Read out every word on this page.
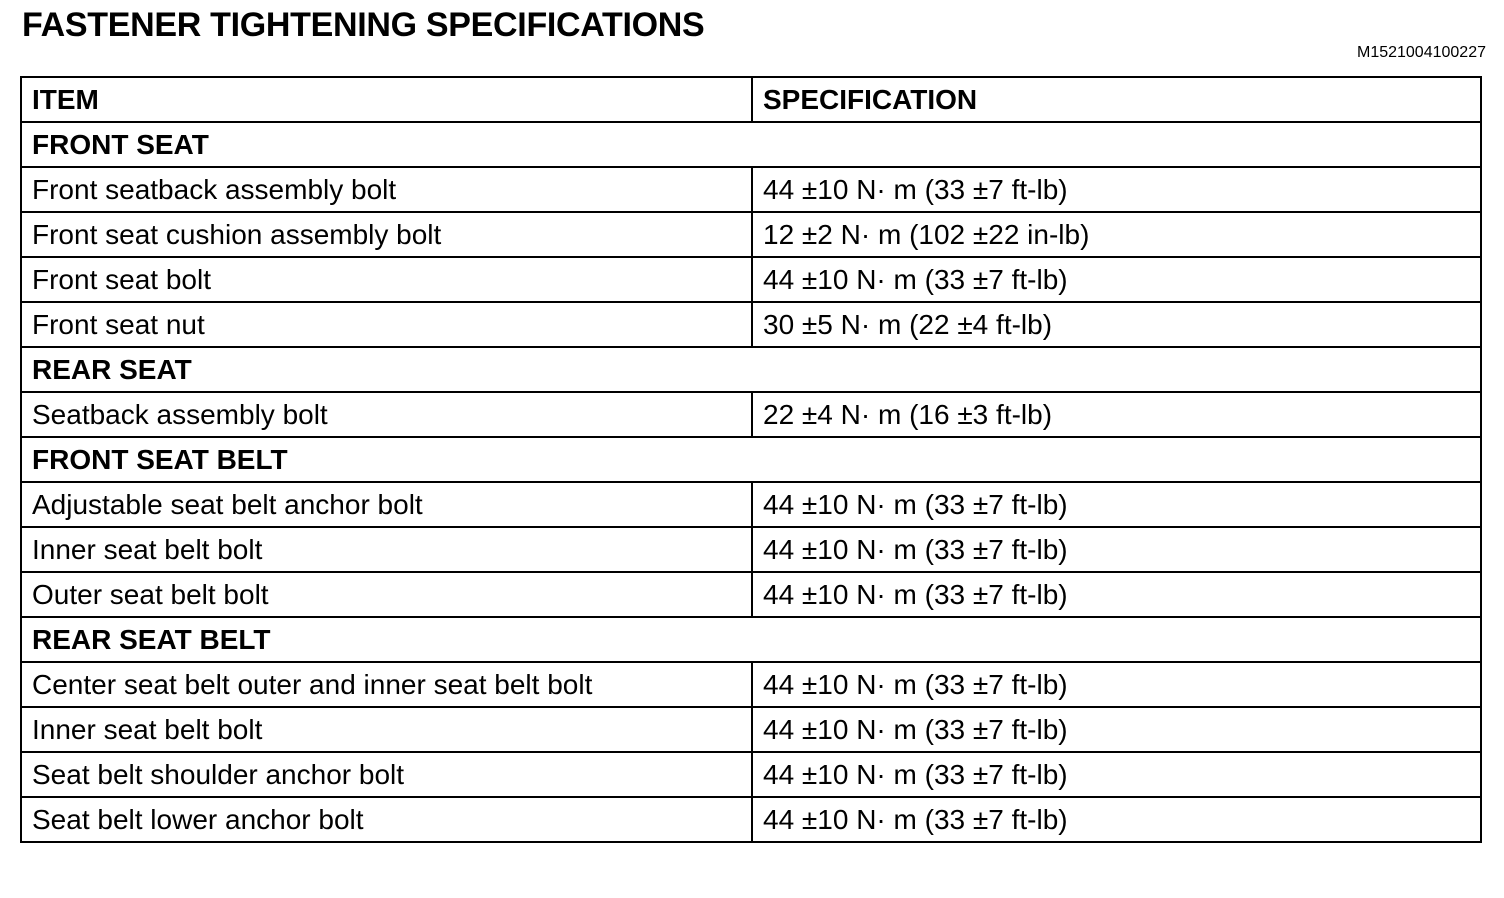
FASTENER TIGHTENING SPECIFICATIONS
M1521004100227
ITEM	SPECIFICATION
FRONT SEAT	
Front seatback assembly bolt	44 ±10 N· m (33 ±7 ft-lb)
Front seat cushion assembly bolt	12 ±2 N· m (102 ±22 in-lb)
Front seat bolt	44 ±10 N· m (33 ±7 ft-lb)
Front seat nut	30 ±5 N· m (22 ±4 ft-lb)
REAR SEAT	
Seatback assembly bolt	22 ±4 N· m (16 ±3 ft-lb)
FRONT SEAT BELT	
Adjustable seat belt anchor bolt	44 ±10 N· m (33 ±7 ft-lb)
Inner seat belt bolt	44 ±10 N· m (33 ±7 ft-lb)
Outer seat belt bolt	44 ±10 N· m (33 ±7 ft-lb)
REAR SEAT BELT	
Center seat belt outer and inner seat belt bolt	44 ±10 N· m (33 ±7 ft-lb)
Inner seat belt bolt	44 ±10 N· m (33 ±7 ft-lb)
Seat belt shoulder anchor bolt	44 ±10 N· m (33 ±7 ft-lb)
Seat belt lower anchor bolt	44 ±10 N· m (33 ±7 ft-lb)
